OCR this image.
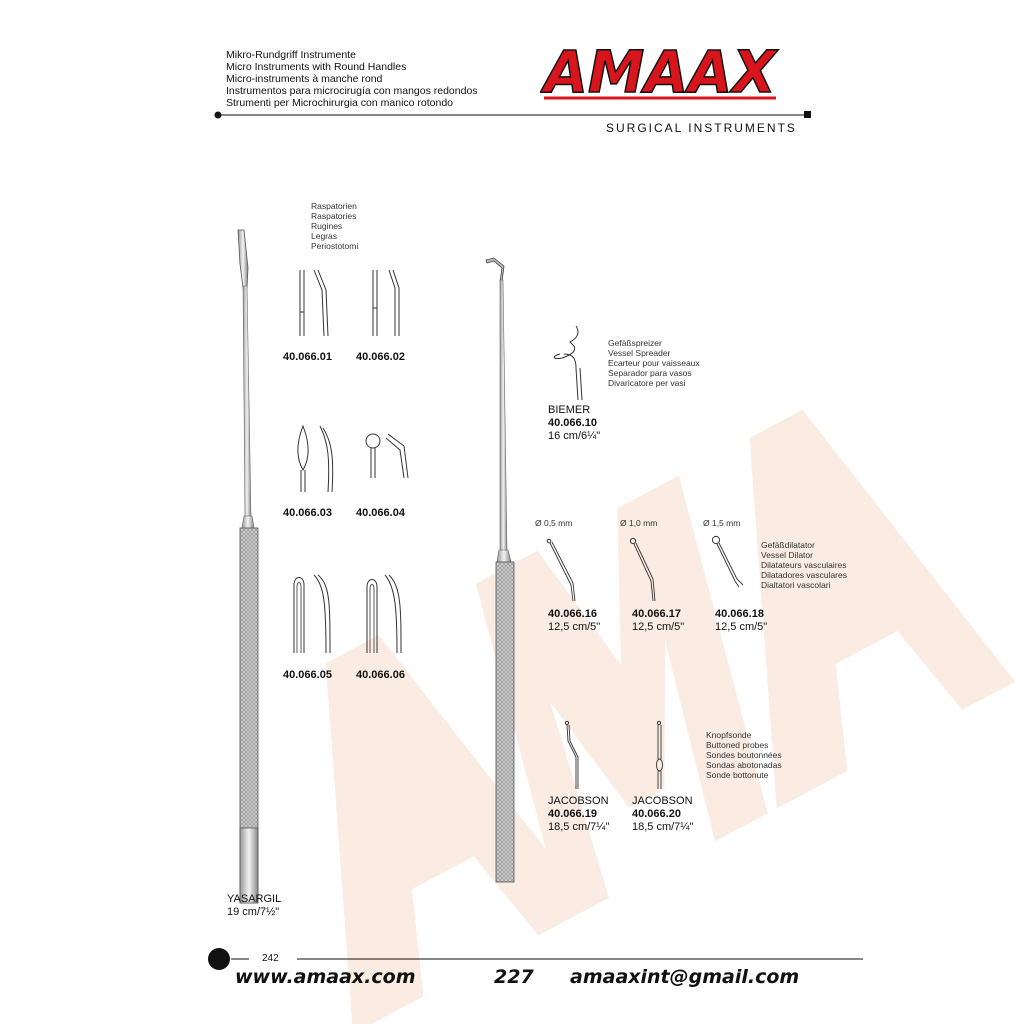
Mikro-Rundgriff Instrumente
Micro Instruments with Round Handles
Micro-instruments à manche rond
Instrumentos para microcirugía con mangos redondos
Strumenti per Microchirurgia con manico rotondo	AMAAX
SURGICAL INSTRUMENTS
Raspatorien
Raspatories
Rugines
Legras
Periostotomi
YASARGIL
19 cm/7½"
40.066.01 40.066.02
40.066.03 40.066.04
40.066.05 40.066.06
Gefäßspreizer
Vessel Spreader
Ecarteur pour vaisseaux
Separador para vasos
Divaricatore per vasi
BIEMER
40.066.10
16 cm/6¼"
Ø 0,5 mm	Ø 1,0 mm	Ø 1,5 mm
Gefäßdilatator
Vessel Dilator
Dilatateurs vasculaires
Dilatadores vasculares
Dialtatori vascolari
40.066.16
12,5 cm/5"
40.066.17
12,5 cm/5"
40.066.18
12,5 cm/5"
Knopfsonde
Buttoned probes
Sondes boutonnées
Sondas abotonadas
Sonde bottonute
JACOBSON
40.066.19
18,5 cm/7¼"
JACOBSON
40.066.20
18,5 cm/7¼"
242
www.amaax.com	227 amaaxint@gmail.com
